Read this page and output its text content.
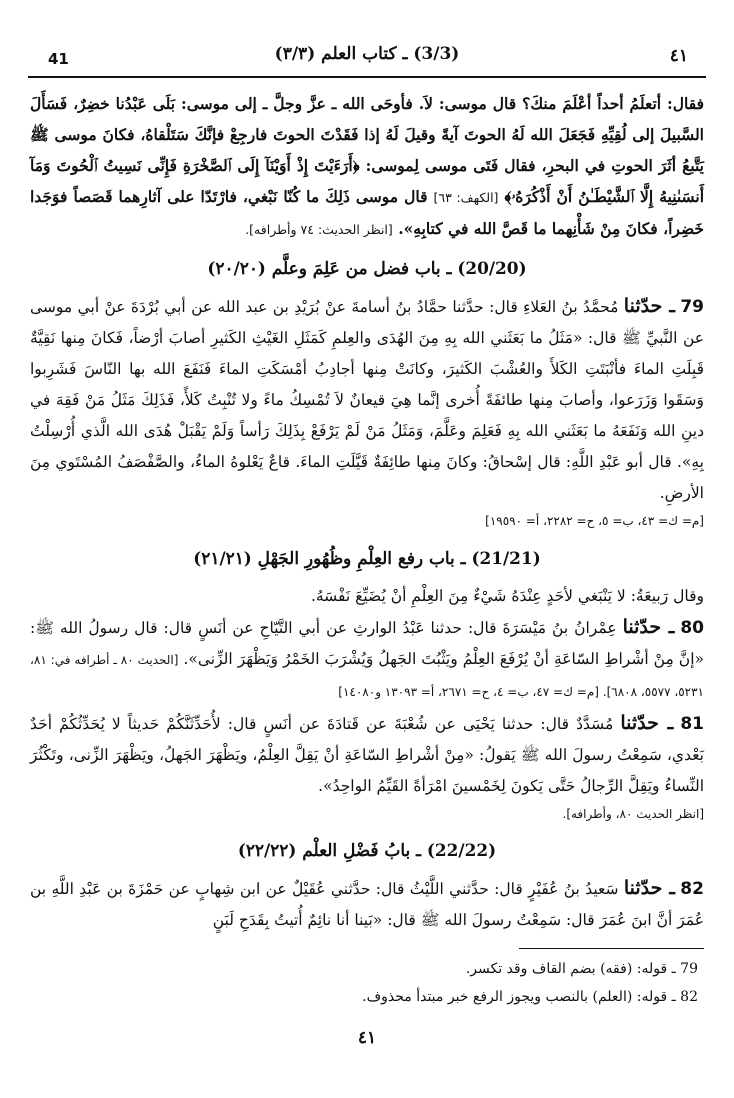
41	(3/3) ـ كتاب العلم (٣/٣)	٤١

فقال: أتعلَمُ أحداً أعْلَمَ منكَ؟ قال موسى: لاَ. فأوحَى الله ـ عزَّ وجلَّ ـ إلى موسى: بَلَى عَبْدُنا خضِرٌ، فَسَأَلَ السَّبيلَ إلى لُقِيِّهِ فَجَعَلَ الله لَهُ الحوتَ آيةً وقيلَ لَهُ إذا فَقَدْتَ الحوتَ فارجِعْ فإنَّكَ سَتَلْقاهُ، فكانَ موسى ﷺ يَتَّبعُ أثَرَ الحوتِ في البحرِ، فقال فَتَى موسى لِموسى: ﴿أَرَءَيْتَ إِذْ أَوَيْنَآ إِلَى ٱلصَّخْرَةِ فَإِنِّى نَسِيتُ ٱلْحُوتَ وَمَآ أَنسَىٰنِيهُ إِلَّا ٱلشَّيْطَـٰنُ أَنْ أَذْكُرَهُۥ﴾ [الكهف: ٦٣] قال موسى ذَلِكَ ما كُنّا نَبْغي، فارْتَدّا على آثارِهما قَصَصاً فوَجَدا خَضِراً، فكانَ مِنْ شَأْنِهما ما قَصَّ الله في كتابِهِ». [انظر الحديث: ٧٤ وأطرافه].

(20/20) ـ باب فضل من عَلِمَ وعلَّم (٢٠/٢٠)

79 ـ حدّثنا مُحمَّدُ بنُ العَلاءِ قال: حدَّثنا حمَّادُ بنُ أسامةَ عنْ بُرَيْدِ بن عبد الله عن أبي بُرْدَةَ عنْ أبي موسى عن النَّبيِّ ﷺ قال: «مَثَلُ ما بَعَثَني الله بِهِ مِنَ الهُدَى والعِلمِ كَمَثَلِ الغَيْثِ الكَثيرِ أصابَ أرْضاً، فَكانَ مِنها نَقِيَّةٌ قَبِلَتِ الماءَ فأنْبَتَتِ الكَلأَ والعُشْبَ الكَثيرَ، وكانَتْ مِنها أجادِبُ أمْسَكَتِ الماءَ فَنَفَعَ الله بها النّاسَ فَشَرِبوا وَسَقَوا وَزَرَعوا، وأصابَ مِنها طائفَةً أُخرى إنَّما هِيَ قيعانٌ لاَ تُمْسِكُ ماءً ولا تُنْبِتُ كَلأً، فَذَلِكَ مَثَلُ مَنْ فَقِهَ في دينِ الله وَنَفَعَهُ ما بَعَثَني الله بِهِ فَعَلِمَ وعَلَّمَ، وَمَثَلُ مَنْ لَمْ يَرْفَعْ بِذَلِكَ رَأساً وَلَمْ يَقْبَلْ هُدَى الله الَّذي أُرْسِلْتُ بِهِ». قال أبو عَبْدِ اللَّهِ: قال إسْحاقُ: وكانَ مِنها طائِفَةٌ قَيَّلَتِ الماءَ. قاعٌ يَعْلوهُ الماءُ، والصَّفْصَفُ المُسْتَوي مِنَ الأرضِ.

[م= ك= ٤٣، ب= ٥، ح= ٢٢٨٢، أ= ١٩٥٩٠]

(21/21) ـ باب رفع العِلْمِ وظُهُورِ الجَهْلِ (٢١/٢١)

وقال رَبيعَةُ: لا يَنْبَغي لأحَدٍ عِنْدَهُ شَيْءٌ مِنَ العِلْمِ أنْ يُضَيِّعَ نَفْسَهُ.

80 ـ حدّثنا عِمْرانُ بنُ مَيْسَرَةَ قال: حدثنا عَبْدُ الوارثِ عن أبي التَّيّاحِ عن أنَسٍ قال: قال رسولُ الله ﷺ: «إنَّ مِنْ أشْراطِ السّاعَةِ أنْ يُرْفَعَ العِلْمُ ويَثْبُتَ الجَهلُ وَيُشْرَبَ الخَمْرُ وَيَظْهَرَ الزِّنى». [الحديث ٨٠ ـ أطرافه في: ٨١، ٥٢٣١، ٥٥٧٧، ٦٨٠٨]. [م= ك= ٤٧، ب= ٤، ح= ٢٦٧١، أ= ١٣٠٩٣ و١٤٠٨٠]

81 ـ حدّثنا مُسَدَّدٌ قال: حدثنا يَحْيَى عن شُعْبَةَ عن قَتادَةَ عن أنَسٍ قال: لأُحَدِّثَنَّكُمْ حَديثاً لا يُحَدِّثُكُمْ أحَدٌ بَعْدي، سَمِعْتُ رسولَ الله ﷺ يَقولُ: «مِنْ أشْراطِ السّاعَةِ أنْ يَقِلَّ العِلْمُ، ويَظْهَرَ الجَهلُ، ويَظْهَرَ الزِّنى، وتَكْثُرَ النِّساءُ ويَقِلَّ الرِّجالُ حَتَّى يَكونَ لِخَمْسينَ امْرَأةً القَيِّمُ الواحِدُ».

[انظر الحديث ٨٠، وأطرافه].

(22/22) ـ بابُ فَضْلِ العلْم (٢٢/٢٢)

82 ـ حدّثنا سَعيدُ بنُ عُفَيْرٍ قال: حدَّثني اللَّيْثُ قال: حدَّثني عُقَيْلٌ عن ابن شِهابٍ عن حَمْزَةَ بن عَبْدِ اللَّهِ بن عُمَرَ أنَّ ابنَ عُمَرَ قال: سَمِعْتُ رسولَ الله ﷺ قال: «بَينا أنا نائِمٌ أُتيتُ بِقَدَحِ لَبَنٍ

79 ـ قوله: (فقه) بضم القاف وقد تكسر.

82 ـ قوله: (العلم) بالنصب ويجوز الرفع خبر مبتدأ محذوف.

٤١
